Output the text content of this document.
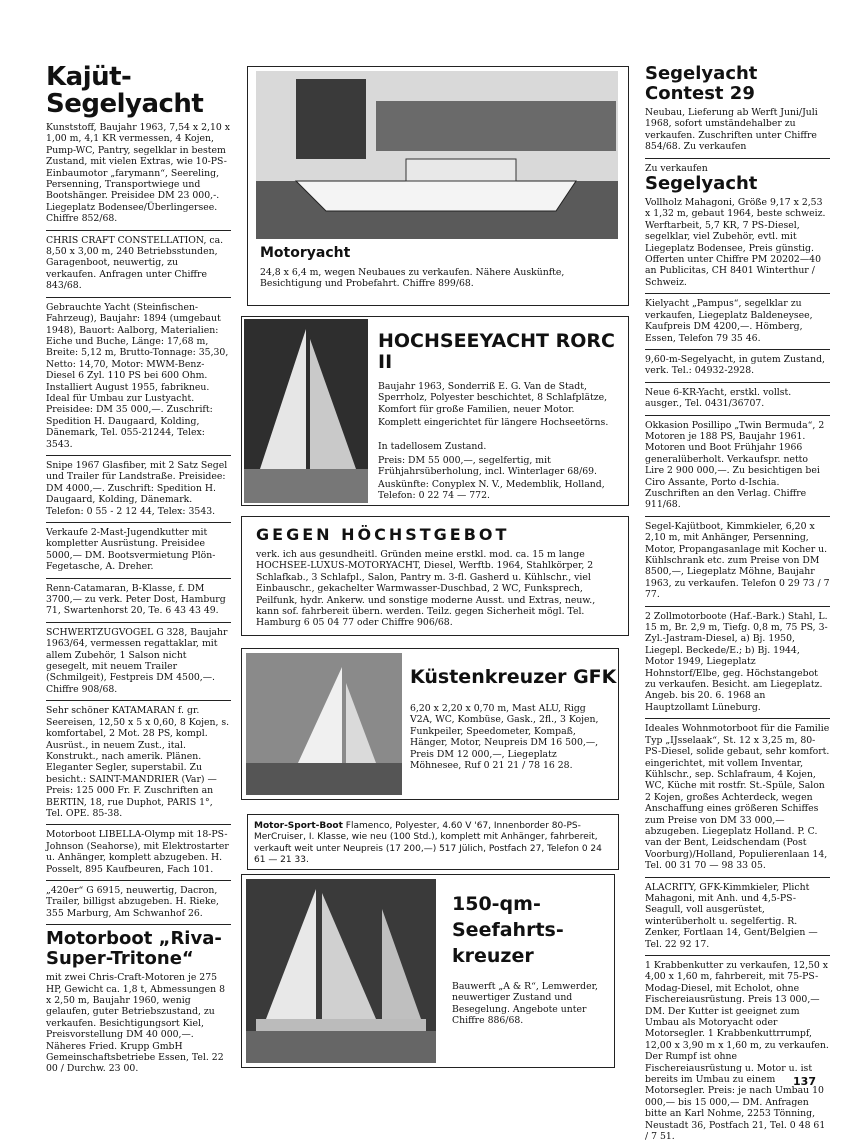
Kajüt-Segelyacht
Kunststoff, Baujahr 1963, 7,54 x 2,10 x 1,00 m, 4,1 KR vermessen, 4 Kojen, Pump-WC, Pantry, segelklar in bestem Zustand, mit vielen Extras, wie 10-PS-Einbaumotor „farymann“, Seereling, Persenning, Transportwiege und Bootshänger. Preisidee DM 23 000,-. Liegeplatz Bodensee/Überlingersee. Chiffre 852/68.
CHRIS CRAFT CONSTELLATION, ca. 8,50 x 3,00 m, 240 Betriebsstunden, Garagenboot, neuwertig, zu verkaufen. Anfragen unter Chiffre 843/68.
Gebrauchte Yacht (Steinfischen-Fahrzeug), Baujahr: 1894 (umgebaut 1948), Bauort: Aalborg, Materialien: Eiche und Buche, Länge: 17,68 m, Breite: 5,12 m, Brutto-Tonnage: 35,30, Netto: 14,70, Motor: MWM-Benz-Diesel 6 Zyl. 110 PS bei 600 Ohm. Installiert August 1955, fabrikneu. Ideal für Umbau zur Lustyacht. Preisidee: DM 35 000,—. Zuschrift: Spedition H. Daugaard, Kolding, Dänemark, Tel. 055-21244, Telex: 3543.
Snipe 1967 Glasfiber, mit 2 Satz Segel und Trailer für Landstraße. Preisidee: DM 4000,—. Zuschrift: Spedition H. Daugaard, Kolding, Dänemark. Telefon: 0 55 - 2 12 44, Telex: 3543.
Verkaufe 2-Mast-Jugendkutter mit kompletter Ausrüstung. Preisidee 5000,— DM. Bootsvermietung Plön-Fegetasche, A. Dreher.
Renn-Catamaran, B-Klasse, f. DM 3700,— zu verk. Peter Dost, Hamburg 71, Swartenhorst 20, Te. 6 43 43 49.
SCHWERTZUGVOGEL G 328, Baujahr 1963/64, vermessen regattaklar, mit allem Zubehör, 1 Salson nicht gesegelt, mit neuem Trailer (Schmilgeit), Festpreis DM 4500,—. Chiffre 908/68.
Sehr schöner KATAMARAN f. gr. Seereisen, 12,50 x 5 x 0,60, 8 Kojen, s. komfortabel, 2 Mot. 28 PS, kompl. Ausrüst., in neuem Zust., ital. Konstrukt., nach amerik. Plänen. Eleganter Segler, superstabil. Zu besicht.: SAINT-MANDRIER (Var) — Preis: 125 000 Fr. F. Zuschriften an BERTIN, 18, rue Duphot, PARIS 1°, Tel. OPE. 85-38.
Motorboot LIBELLA-Olymp mit 18-PS-Johnson (Seahorse), mit Elektrostarter u. Anhänger, komplett abzugeben. H. Posselt, 895 Kaufbeuren, Fach 101.
„420er“ G 6915, neuwertig, Dacron, Trailer, billigst abzugeben. H. Rieke, 355 Marburg, Am Schwanhof 26.
Motorboot „Riva-Super-Tritone“
mit zwei Chris-Craft-Motoren je 275 HP, Gewicht ca. 1,8 t, Abmessungen 8 x 2,50 m, Baujahr 1960, wenig gelaufen, guter Betriebszustand, zu verkaufen. Besichtigungsort Kiel, Preisvorstellung DM 40 000,—. Näheres Fried. Krupp GmbH Gemeinschaftsbetriebe Essen, Tel. 22 00 / Durchw. 23 00.
Motoryacht
24,8 x 6,4 m, wegen Neubaues zu verkaufen. Nähere Auskünfte, Besichtigung und Probefahrt. Chiffre 899/68.
HOCHSEEYACHT RORC II
Baujahr 1963, Sonderriß E. G. Van de Stadt, Sperrholz, Polyester beschichtet, 8 Schlafplätze, Komfort für große Familien, neuer Motor.
Komplett eingerichtet für längere Hochseetörns.
In tadellosem Zustand.
Preis: DM 55 000,—, segelfertig, mit Frühjahrsüberholung, incl. Winterlager 68/69.
Auskünfte: Conyplex N. V., Medemblik, Holland, Telefon: 0 22 74 — 772.
GEGEN HÖCHSTGEBOT
verk. ich aus gesundheitl. Gründen meine erstkl. mod. ca. 15 m lange HOCHSEE-LUXUS-MOTORYACHT, Diesel, Werftb. 1964, Stahlkörper, 2 Schlafkab., 3 Schlafpl., Salon, Pantry m. 3-fl. Gasherd u. Kühlschr., viel Einbauschr., gekachelter Warmwasser-Duschbad, 2 WC, Funksprech, Peilfunk, hydr. Ankerw. und sonstige moderne Ausst. und Extras, neuw., kann sof. fahrbereit übern. werden. Teilz. gegen Sicherheit mögl. Tel. Hamburg 6 05 04 77 oder Chiffre 906/68.
Küstenkreuzer GFK
6,20 x 2,20 x 0,70 m, Mast ALU, Rigg V2A, WC, Kombüse, Gask., 2fl., 3 Kojen, Funkpeiler, Speedometer, Kompaß, Hänger, Motor, Neupreis DM 16 500,—, Preis DM 12 000,—, Liegeplatz Möhnesee, Ruf 0 21 21 / 78 16 28.
Motor-Sport-Boot Flamenco, Polyester, 4.60 V '67, Innenborder 80-PS-MerCruiser, I. Klasse, wie neu (100 Std.), komplett mit Anhänger, fahrbereit, verkauft weit unter Neupreis (17 200,—) 517 Jülich, Postfach 27, Telefon 0 24 61 — 21 33.
150-qm-Seefahrts-kreuzer
Bauwerft „A & R“, Lemwerder, neuwertiger Zustand und Besegelung. Angebote unter Chiffre 886/68.
Segelyacht Contest 29
Neubau, Lieferung ab Werft Juni/Juli 1968, sofort umständehalber zu verkaufen. Zuschriften unter Chiffre 854/68. Zu verkaufen
Zu verkaufen
Segelyacht
Vollholz Mahagoni, Größe 9,17 x 2,53 x 1,32 m, gebaut 1964, beste schweiz. Werftarbeit, 5,7 KR, 7 PS-Diesel, segelklar, viel Zubehör, evtl. mit Liegeplatz Bodensee, Preis günstig. Offerten unter Chiffre PM 20202—40 an Publicitas, CH 8401 Winterthur / Schweiz.
Kielyacht „Pampus“, segelklar zu verkaufen, Liegeplatz Baldeneysee, Kaufpreis DM 4200,—. Hömberg, Essen, Telefon 79 35 46.
9,60-m-Segelyacht, in gutem Zustand, verk. Tel.: 04932-2928.
Neue 6-KR-Yacht, erstkl. vollst. ausger., Tel. 0431/36707.
Okkasion Posillipo „Twin Bermuda“, 2 Motoren je 188 PS, Baujahr 1961. Motoren und Boot Frühjahr 1966 generalüberholt. Verkaufspr. netto Lire 2 900 000,—. Zu besichtigen bei Ciro Assante, Porto d-Ischia. Zuschriften an den Verlag. Chiffre 911/68.
Segel-Kajütboot, Kimmkieler, 6,20 x 2,10 m, mit Anhänger, Persenning, Motor, Propangasanlage mit Kocher u. Kühlschrank etc. zum Preise von DM 8500,—, Liegeplatz Möhne, Baujahr 1963, zu verkaufen. Telefon 0 29 73 / 7 77.
2 Zollmotorboote (Haf.-Bark.) Stahl, L. 15 m, Br. 2,9 m, Tiefg. 0,8 m, 75 PS, 3-Zyl.-Jastram-Diesel, a) Bj. 1950, Liegepl. Beckede/E.; b) Bj. 1944, Motor 1949, Liegeplatz Hohnstorf/Elbe, geg. Höchstangebot zu verkaufen. Besicht. am Liegeplatz. Angeb. bis 20. 6. 1968 an Hauptzollamt Lüneburg.
Ideales Wohnmotorboot für die Familie Typ „IJsselaak“, St. 12 x 3,25 m, 80-PS-Diesel, solide gebaut, sehr komfort. eingerichtet, mit vollem Inventar, Kühlschr., sep. Schlafraum, 4 Kojen, WC, Küche mit rostfr. St.-Spüle, Salon 2 Kojen, großes Achterdeck, wegen Anschaffung eines größeren Schiffes zum Preise von DM 33 000,— abzugeben. Liegeplatz Holland. P. C. van der Bent, Leidschendam (Post Voorburg)/Holland, Populierenlaan 14, Tel. 00 31 70 — 98 33 05.
ALACRITY, GFK-Kimmkieler, Plicht Mahagoni, mit Anh. und 4,5-PS-Seagull, voll ausgerüstet, winterüberholt u. segelfertig. R. Zenker, Fortlaan 14, Gent/Belgien — Tel. 22 92 17.
1 Krabbenkutter zu verkaufen, 12,50 x 4,00 x 1,60 m, fahrbereit, mit 75-PS-Modag-Diesel, mit Echolot, ohne Fischereiausrüstung. Preis 13 000,— DM. Der Kutter ist geeignet zum Umbau als Motoryacht oder Motorsegler. 1 Krabbenkuttrrumpf, 12,00 x 3,90 m x 1,60 m, zu verkaufen. Der Rumpf ist ohne Fischereiausrüstung u. Motor u. ist bereits im Umbau zu einem Motorsegler. Preis: je nach Umbau 10 000,— bis 15 000,— DM. Anfragen bitte an Karl Nohme, 2253 Tönning, Neustadt 36, Postfach 21, Tel. 0 48 61 / 7 51.
137
